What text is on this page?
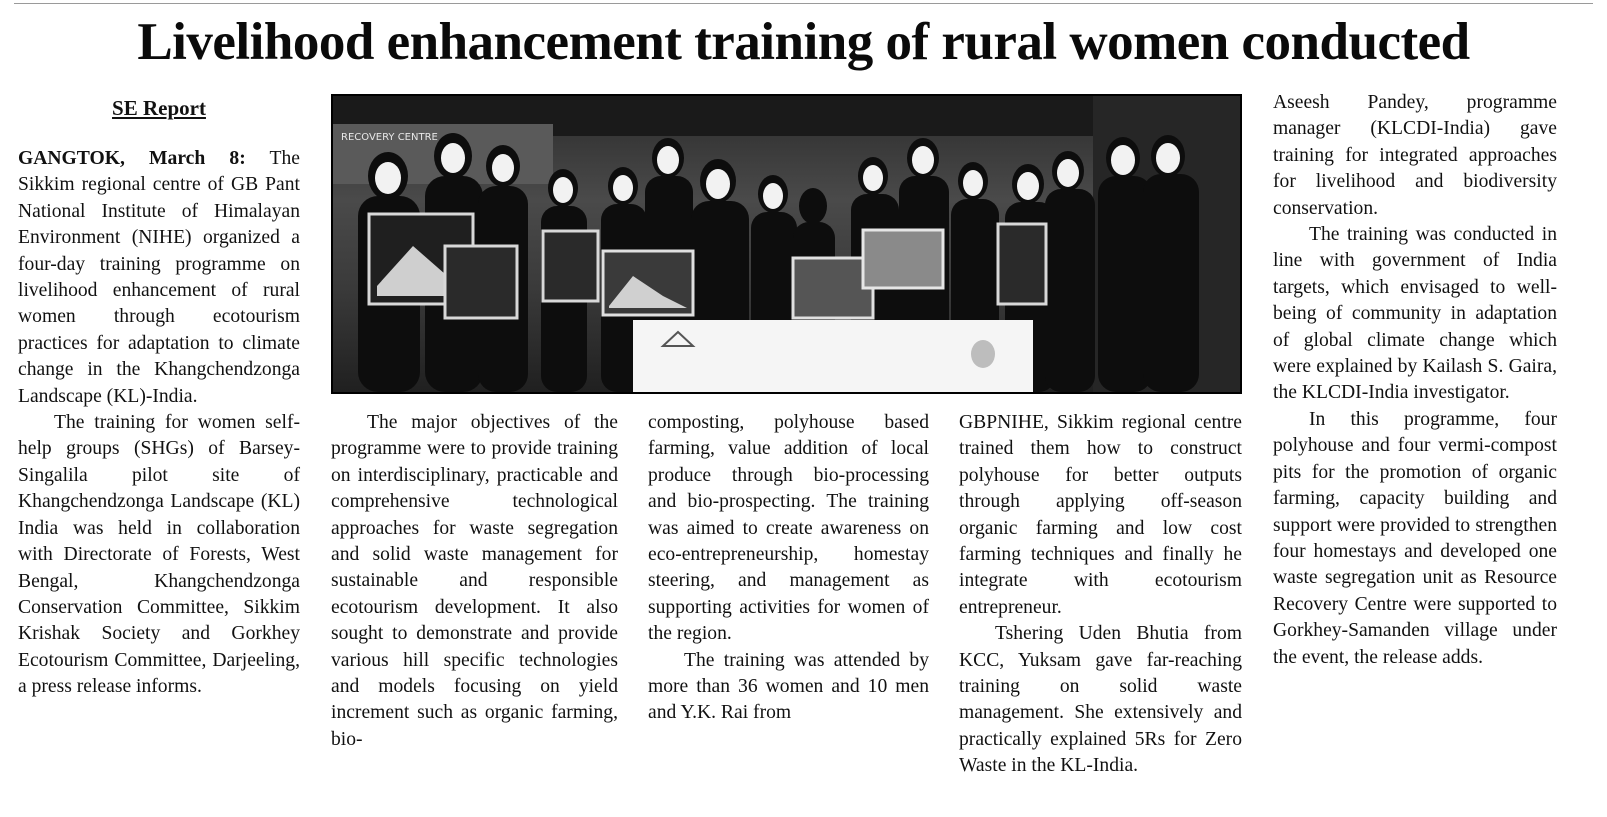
Livelihood enhancement training of rural women conducted
SE Report

GANGTOK, March 8: The Sikkim regional centre of GB Pant National Institute of Himalayan Environment (NIHE) organized a four-day training programme on livelihood enhancement of rural women through ecotourism practices for adaptation to climate change in the Khangchendzonga Landscape (KL)-India.

The training for women self-help groups (SHGs) of Barsey-Singalila pilot site of Khangchendzonga Landscape (KL) India was held in collaboration with Directorate of Forests, West Bengal, Khangchendzonga Conservation Committee, Sikkim Krishak Society and Gorkhey Ecotourism Committee, Darjeeling, a press release informs.

RECOVERY CENTRE

The major objectives of the programme were to provide training on interdisciplinary, practicable and comprehensive technological approaches for waste segregation and solid waste management for sustainable and responsible ecotourism development. It also sought to demonstrate and provide various hill specific technologies and models focusing on yield increment such as organic farming, bio-

composting, polyhouse based farming, value addition of local produce through bio-processing and bio-prospecting. The training was aimed to create awareness on eco-entrepreneurship, homestay steering, and management as supporting activities for women of the region.

The training was attended by more than 36 women and 10 men and Y.K. Rai from

GBPNIHE, Sikkim regional centre trained them how to construct polyhouse for better outputs through applying off-season organic farming and low cost farming techniques and finally he integrate with ecotourism entrepreneur.

Tshering Uden Bhutia from KCC, Yuksam gave far-reaching training on solid waste management. She extensively and practically explained 5Rs for Zero Waste in the KL-India.

Aseesh Pandey, programme manager (KLCDI-India) gave training for integrated approaches for livelihood and biodiversity conservation.

The training was conducted in line with government of India targets, which envisaged to well-being of community in adaptation of global climate change which were explained by Kailash S. Gaira, the KLCDI-India investigator.

In this programme, four polyhouse and four vermi-compost pits for the promotion of organic farming, capacity building and support were provided to strengthen four homestays and developed one waste segregation unit as Resource Recovery Centre were supported to Gorkhey-Samanden village under the event, the release adds.
